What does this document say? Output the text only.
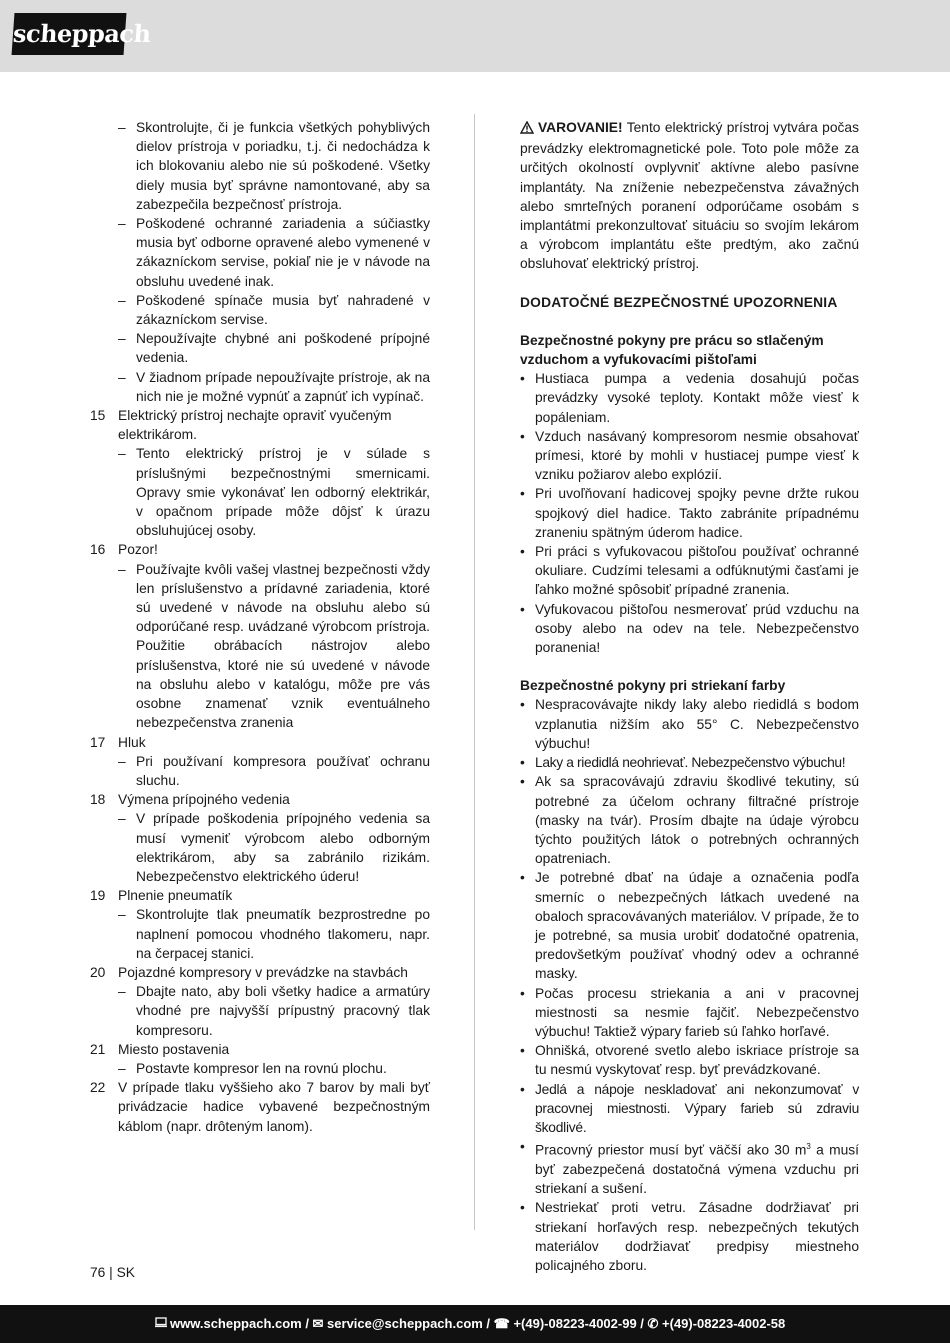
scheppach
– Skontrolujte, či je funkcia všetkých pohyblivých dielov prístroja v poriadku, t.j. či nedochádza k ich blokovaniu alebo nie sú poškodené. Všetky diely musia byť správne namontované, aby sa zabezpečila bezpečnosť prístroja.
– Poškodené ochranné zariadenia a súčiastky musia byť odborne opravené alebo vymenené v zákazníckom servise, pokiaľ nie je v návode na obsluhu uvedené inak.
– Poškodené spínače musia byť nahradené v zákazníckom servise.
– Nepoužívajte chybné ani poškodené prípojné vedenia.
– V žiadnom prípade nepoužívajte prístroje, ak na nich nie je možné vypnúť a zapnúť ich vypínač.
15 Elektrický prístroj nechajte opraviť vyučeným elektrikárom.
– Tento elektrický prístroj je v súlade s príslušnými bezpečnostnými smernicami. Opravy smie vykonávať len odborný elektrikár, v opačnom prípade môže dôjsť k úrazu obsluhujúcej osoby.
16 Pozor!
– Používajte kvôli vašej vlastnej bezpečnosti vždy len príslušenstvo a prídavné zariadenia, ktoré sú uvedené v návode na obsluhu alebo sú odporúčané resp. uvádzané výrobcom prístroja. Použitie obrábacích nástrojov alebo príslušenstva, ktoré nie sú uvedené v návode na obsluhu alebo v katalógu, môže pre vás osobne znamenať vznik eventuálneho nebezpečenstva zranenia
17 Hluk
– Pri používaní kompresora používať ochranu sluchu.
18 Výmena prípojného vedenia
– V prípade poškodenia prípojného vedenia sa musí vymeniť výrobcom alebo odborným elektrikárom, aby sa zabránilo rizikám. Nebezpečenstvo elektrického úderu!
19 Plnenie pneumatík
– Skontrolujte tlak pneumatík bezprostredne po naplnení pomocou vhodného tlakomeru, napr. na čerpacej stanici.
20 Pojazdné kompresory v prevádzke na stavbách
– Dbajte nato, aby boli všetky hadice a armatúry vhodné pre najvyšší prípustný pracovný tlak kompresoru.
21 Miesto postavenia
– Postavte kompresor len na rovnú plochu.
22 V prípade tlaku vyššieho ako 7 barov by mali byť privádzacie hadice vybavené bezpečnostným káblom (napr. drôteným lanom).
VAROVANIE! Tento elektrický prístroj vytvára počas prevádzky elektromagnetické pole. Toto pole môže za určitých okolností ovplyvniť aktívne alebo pasívne implantáty. Na zníženie nebezpečenstva závažných alebo smrteľných poranení odporúčame osobám s implantátmi prekonzultovať situáciu so svojím lekárom a výrobcom implantátu ešte predtým, ako začnú obsluhovať elektrický prístroj.
DODATOČNÉ BEZPEČNOSTNÉ UPOZORNENIA
Bezpečnostné pokyny pre prácu so stlačeným vzduchom a vyfukovacími pištoľami
• Hustiaca pumpa a vedenia dosahujú počas prevádzky vysoké teploty. Kontakt môže viesť k popáleniam.
• Vzduch nasávaný kompresorom nesmie obsahovať prímesi, ktoré by mohli v hustiacej pumpe viesť k vzniku požiarov alebo explózií.
• Pri uvoľňovaní hadicovej spojky pevne držte rukou spojkový diel hadice. Takto zabránite prípadnému zraneniu spätným úderom hadice.
• Pri práci s vyfukovacou pištoľou používať ochranné okuliare. Cudzími telesami a odfúknutými časťami je ľahko možné spôsobiť prípadné zranenia.
• Vyfukovacou pištoľou nesmerovať prúd vzduchu na osoby alebo na odev na tele. Nebezpečenstvo poranenia!
Bezpečnostné pokyny pri striekaní farby
• Nespracovávajte nikdy laky alebo riedidlá s bodom vzplanutia nižším ako 55° C. Nebezpečenstvo výbuchu!
• Laky a riedidlá neohrievať. Nebezpečenstvo výbuchu!
• Ak sa spracovávajú zdraviu škodlivé tekutiny, sú potrebné za účelom ochrany filtračné prístroje (masky na tvár). Prosím dbajte na údaje výrobcu týchto použitých látok o potrebných ochranných opatreniach.
• Je potrebné dbať na údaje a označenia podľa smerníc o nebezpečných látkach uvedené na obaloch spracovávaných materiálov. V prípade, že to je potrebné, sa musia urobiť dodatočné opatrenia, predovšetkým používať vhodný odev a ochranné masky.
• Počas procesu striekania a ani v pracovnej miestnosti sa nesmie fajčiť. Nebezpečenstvo výbuchu! Taktiež výpary farieb sú ľahko horľavé.
• Ohnišká, otvorené svetlo alebo iskriace prístroje sa tu nesmú vyskytovať resp. byť prevádzkované.
• Jedlá a nápoje neskladovať ani nekonzumovať v pracovnej miestnosti. Výpary farieb sú zdraviu škodlivé.
• Pracovný priestor musí byť väčší ako 30 $m^3$ a musí byť zabezpečená dostatočná výmena vzduchu pri striekaní a sušení.
• Nestriekať proti vetru. Zásadne dodržiavať pri striekaní horľavých resp. nebezpečných tekutých materiálov dodržiavať predpisy miestneho policajného zboru.
76 | SK
www.scheppach.com / ✉ service@scheppach.com / ☎ +(49)-08223-4002-99 / ✆ +(49)-08223-4002-58
